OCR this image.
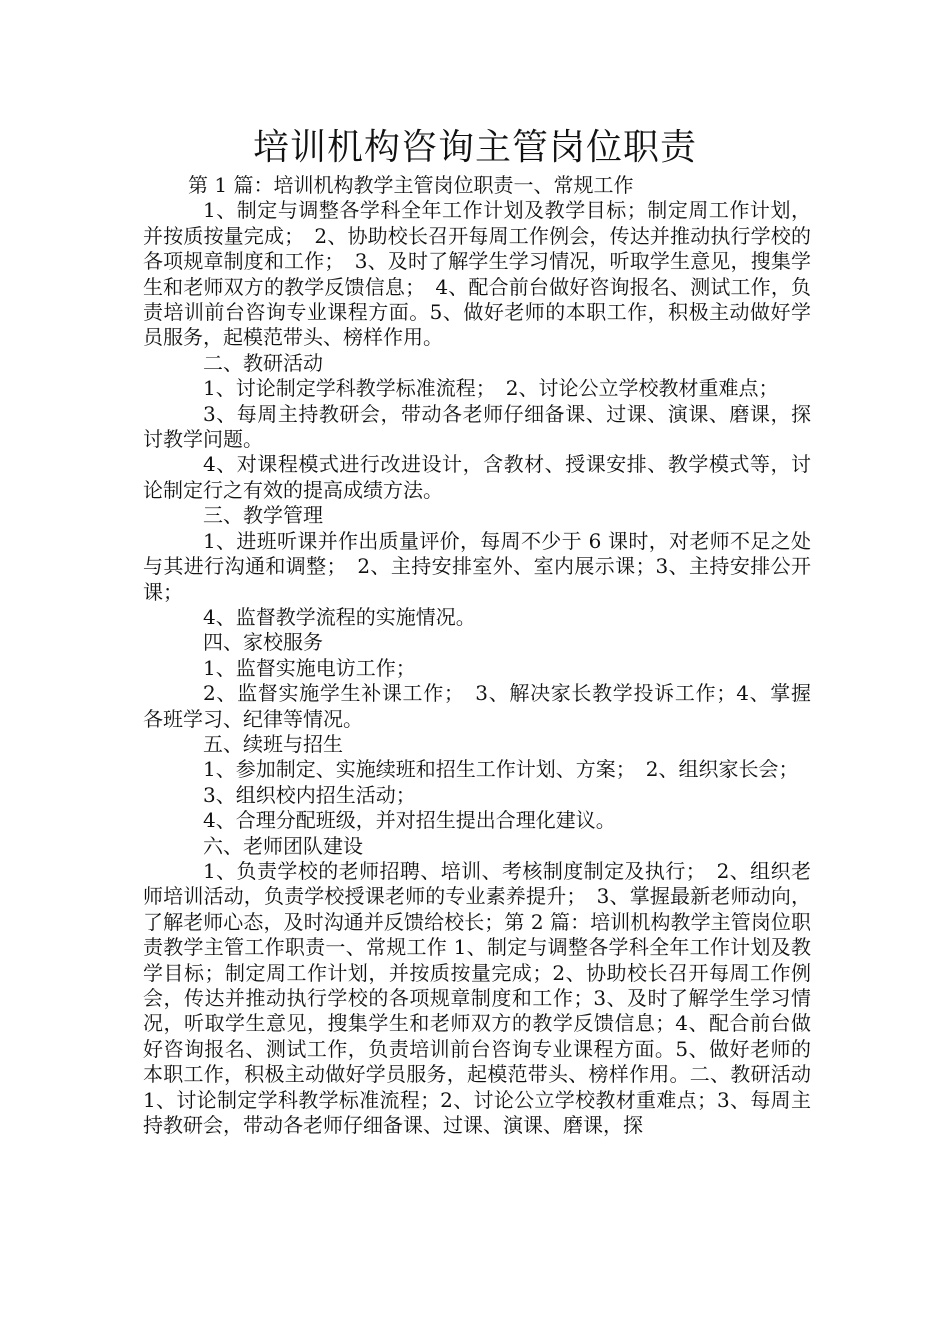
培训机构咨询主管岗位职责

第 1 篇：培训机构教学主管岗位职责一、常规工作

1、制定与调整各学科全年工作计划及教学目标；制定周工作计划，并按质按量完成；　2、协助校长召开每周工作例会，传达并推动执行学校的各项规章制度和工作；　3、及时了解学生学习情况，听取学生意见，搜集学生和老师双方的教学反馈信息；　4、配合前台做好咨询报名、测试工作，负责培训前台咨询专业课程方面。5、做好老师的本职工作，积极主动做好学员服务，起模范带头、榜样作用。

二、教研活动

1、讨论制定学科教学标准流程；　2、讨论公立学校教材重难点；

3、每周主持教研会，带动各老师仔细备课、过课、演课、磨课，探讨教学问题。

4、对课程模式进行改进设计，含教材、授课安排、教学模式等，讨论制定行之有效的提高成绩方法。

三、教学管理

1、进班听课并作出质量评价，每周不少于 6 课时，对老师不足之处与其进行沟通和调整；　2、主持安排室外、室内展示课；3、主持安排公开课；

4、监督教学流程的实施情况。

四、家校服务

1、监督实施电访工作；

2、监督实施学生补课工作；　3、解决家长教学投诉工作；4、掌握各班学习、纪律等情况。

五、续班与招生

1、参加制定、实施续班和招生工作计划、方案；　2、组织家长会；

3、组织校内招生活动；

4、合理分配班级，并对招生提出合理化建议。

六、老师团队建设

1、负责学校的老师招聘、培训、考核制度制定及执行；　2、组织老师培训活动，负责学校授课老师的专业素养提升；　3、掌握最新老师动向，了解老师心态，及时沟通并反馈给校长；第 2 篇：培训机构教学主管岗位职责教学主管工作职责一、常规工作 1、制定与调整各学科全年工作计划及教学目标；制定周工作计划，并按质按量完成；2、协助校长召开每周工作例会，传达并推动执行学校的各项规章制度和工作；3、及时了解学生学习情况，听取学生意见，搜集学生和老师双方的教学反馈信息；4、配合前台做好咨询报名、测试工作，负责培训前台咨询专业课程方面。5、做好老师的本职工作，积极主动做好学员服务，起模范带头、榜样作用。二、教研活动 1、讨论制定学科教学标准流程；2、讨论公立学校教材重难点；3、每周主持教研会，带动各老师仔细备课、过课、演课、磨课，探
